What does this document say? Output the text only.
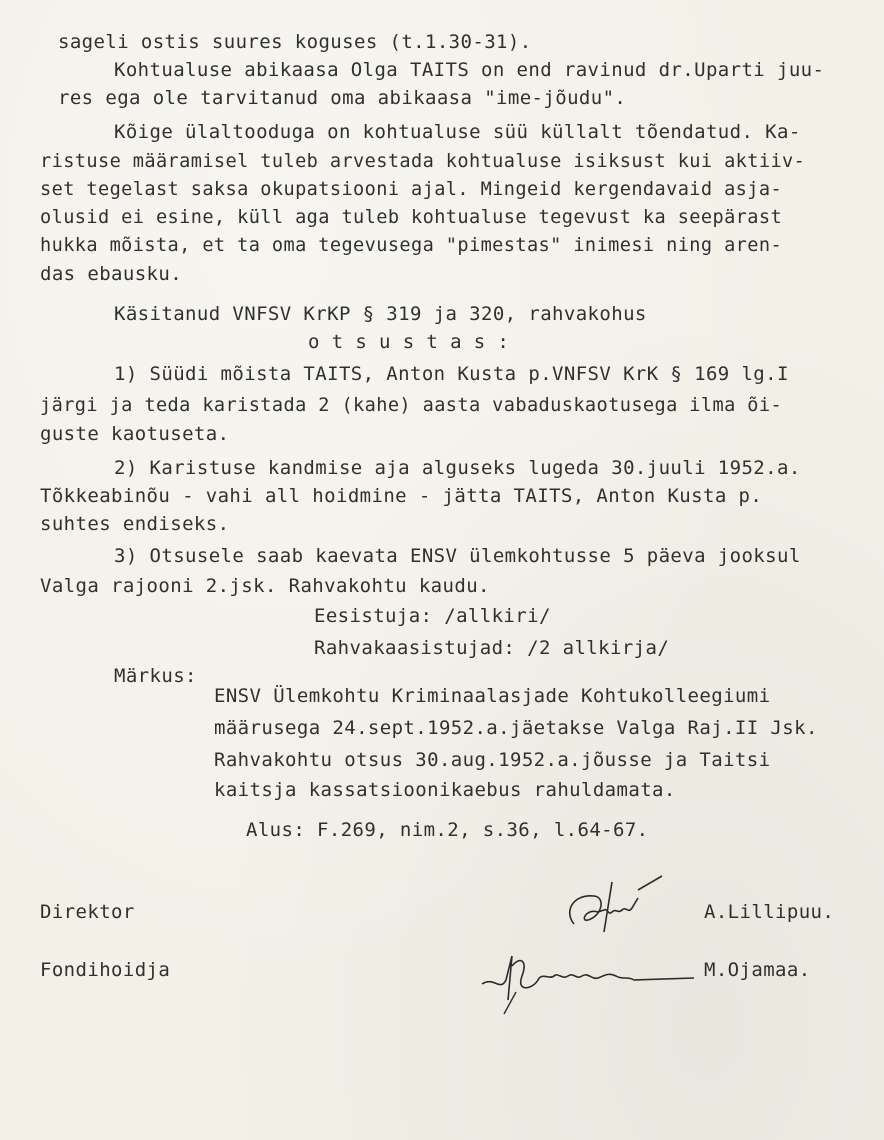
sageli ostis suures koguses (t.1.30-31).
Kohtualuse abikaasa Olga TAITS on end ravinud dr.Uparti juu-
res ega ole tarvitanud oma abikaasa "ime-jõudu".
Kõige ülaltooduga on kohtualuse süü küllalt tõendatud. Ka-
ristuse määramisel tuleb arvestada kohtualuse isiksust kui aktiiv-
set tegelast saksa okupatsiooni ajal. Mingeid kergendavaid asja-
olusid ei esine, küll aga tuleb kohtualuse tegevust ka seepärast
hukka mõista, et ta oma tegevusega "pimestas" inimesi ning aren-
das ebausku.
Käsitanud VNFSV KrKP § 319 ja 320, rahvakohus
o t s u s t a s :
1) Süüdi mõista TAITS, Anton Kusta p.VNFSV KrK § 169 lg.I
järgi ja teda karistada 2 (kahe) aasta vabaduskaotusega ilma õi-
guste kaotuseta.
2) Karistuse kandmise aja alguseks lugeda 30.juuli 1952.a.
Tõkkeabinõu - vahi all hoidmine - jätta TAITS, Anton Kusta p.
suhtes endiseks.
3) Otsusele saab kaevata ENSV ülemkohtusse 5 päeva jooksul
Valga rajooni 2.jsk. Rahvakohtu kaudu.
Eesistuja: /allkiri/
Rahvakaasistujad: /2 allkirja/
Märkus:
ENSV Ülemkohtu Kriminaalasjade Kohtukolleegiumi
määrusega 24.sept.1952.a.jäetakse Valga Raj.II Jsk.
Rahvakohtu otsus 30.aug.1952.a.jõusse ja Taitsi
kaitsja kassatsioonikaebus rahuldamata.
Alus: F.269, nim.2, s.36, l.64-67.
Direktor	A.Lillipuu.
Fondihoidja	M.Ojamaa.
